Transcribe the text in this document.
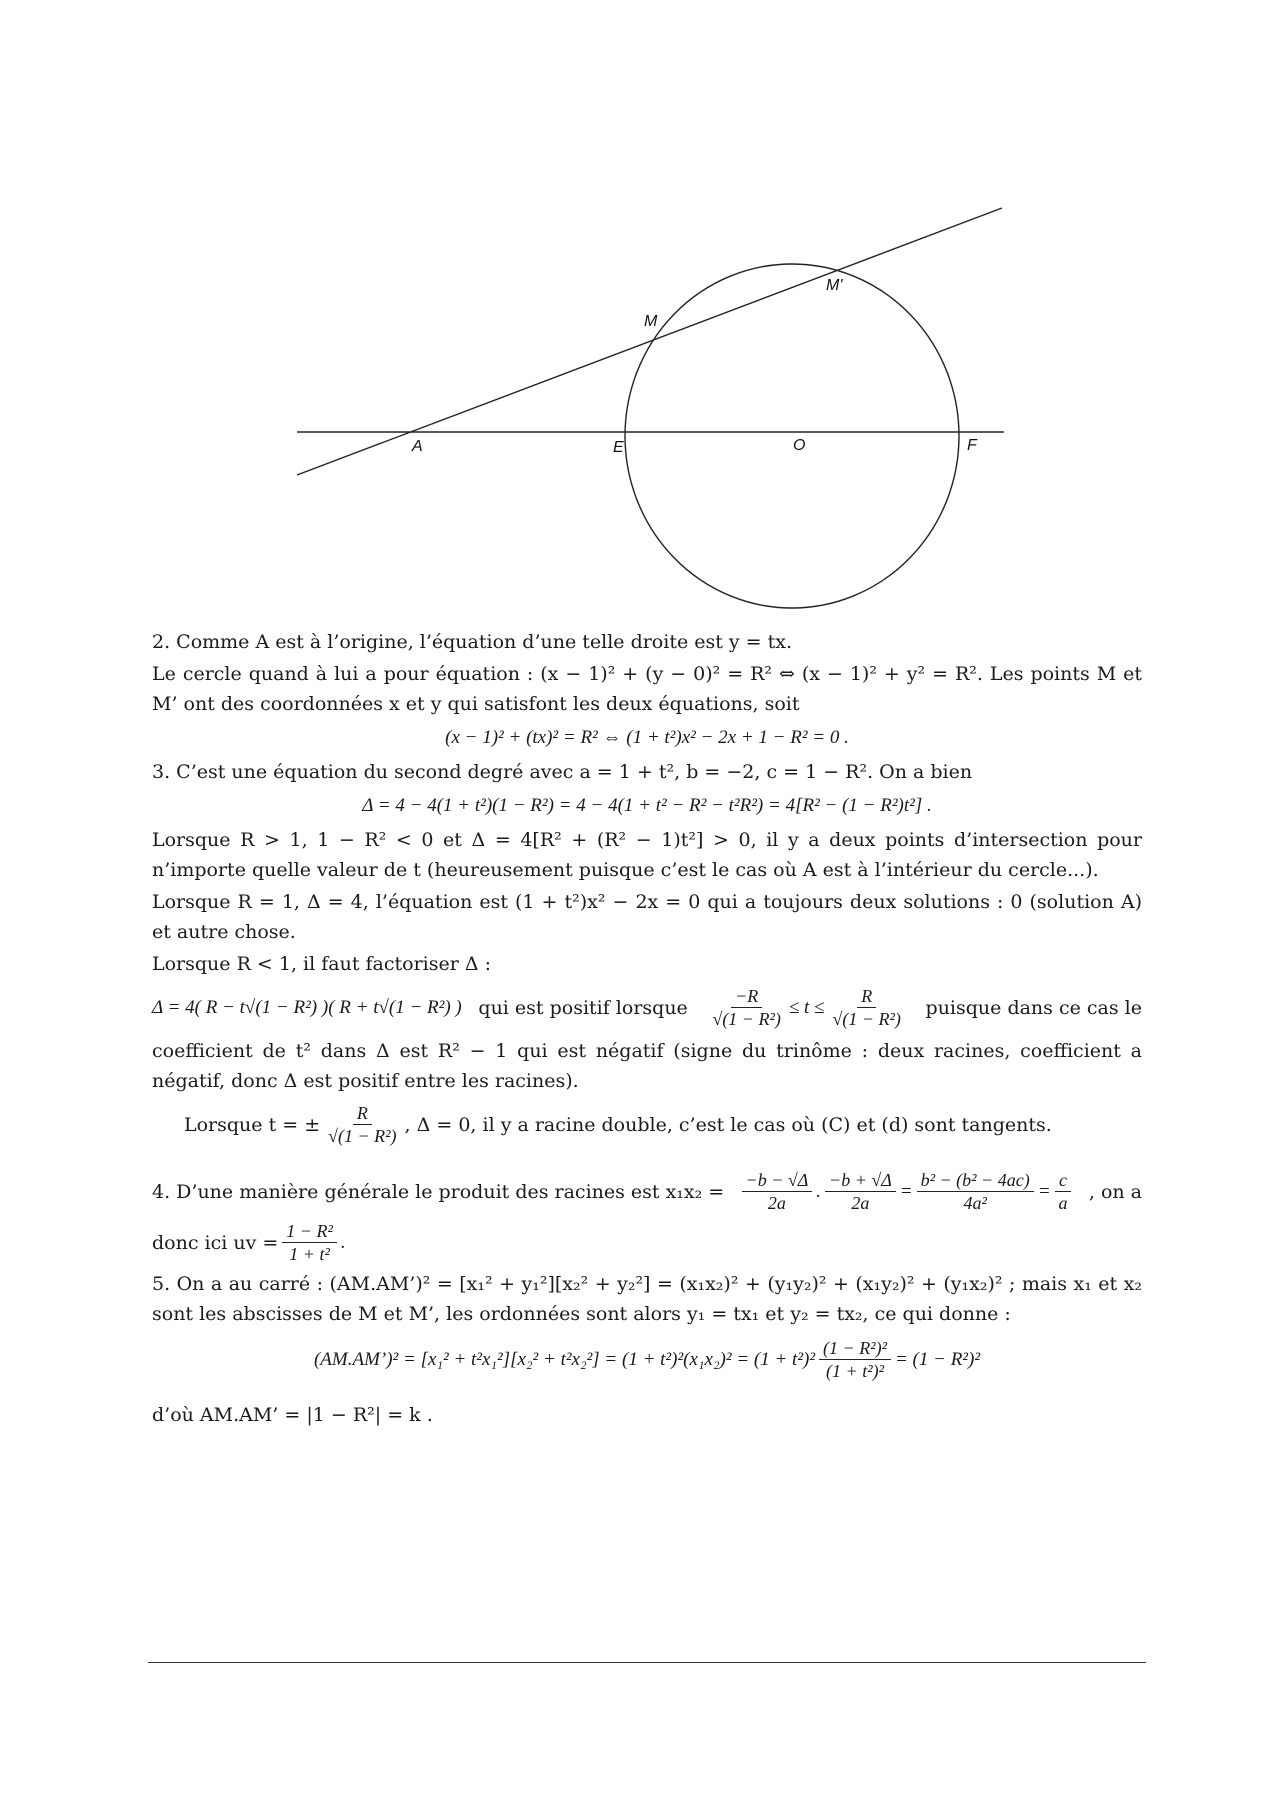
A	E	O	F
M
M'

2. Comme A est à l’origine, l’équation d’une telle droite est y = tx.

Le cercle quand à lui a pour équation : (x − 1)² + (y − 0)² = R² ⇔ (x − 1)² + y² = R². Les points M et M’ ont des coordonnées x et y qui satisfont les deux équations, soit

(x − 1)² + (tx)² = R² ⇔ (1 + t²)x² − 2x + 1 − R² = 0 .

3. C’est une équation du second degré avec a = 1 + t², b = −2, c = 1 − R². On a bien

Δ = 4 − 4(1 + t²)(1 − R²) = 4 − 4(1 + t² − R² − t²R²) = 4[R² − (1 − R²)t²] .

Lorsque R > 1, 1 − R² < 0 et Δ = 4[R² + (R² − 1)t²] > 0, il y a deux points d’intersection pour n’importe quelle valeur de t (heureusement puisque c’est le cas où A est à l’intérieur du cercle...).

Lorsque R = 1, Δ = 4, l’équation est (1 + t²)x² − 2x = 0 qui a toujours deux solutions : 0 (solution A) et autre chose.

Lorsque R < 1, il faut factoriser Δ :

Δ = 4( R − t√(1 − R²) )( R + t√(1 − R²) ) qui est positif lorsque $\frac{-R}{\text{√(1 − R²)}} \le t \le \frac{R}{\text{√(1 − R²)}}$ puisque dans ce cas le

coefficient de t² dans Δ est R² − 1 qui est négatif (signe du trinôme : deux racines, coefficient a négatif, donc Δ est positif entre les racines).

Lorsque t = ± $\frac{R}{\text{√(1 − R²)}}$ , Δ = 0, il y a racine double, c’est le cas où (C) et (d) sont tangents.
4. D’une manière générale le produit des racines est $x_1x_2 = \frac{-b - √\Delta}{2a}$ . $\frac{-b + √\Delta}{2a} = \frac{\text{b² − (b² − 4ac)}}{\text{4a²}} = \frac{c}{a}$ , on a
donc ici uv = $\frac{\text{1 − R²}}{\text{1 + t²}}$ .

5. On a au carré : (AM.AM’)² = [x₁² + y₁²][x₂² + y₂²] = (x₁x₂)² + (y₁y₂)² + (x₁y₂)² + (y₁x₂)² ; mais x₁ et x₂ sont les abscisses de M et M’, les ordonnées sont alors y₁ = tx₁ et y₂ = tx₂, ce qui donne :

(AM.AM’)² = $[x_1^2 + t^2x_1^2][x_2^2 + t^2x_2^2] = (1 + t^2)^2(x_1x_2)^2 = (1 + t^2)^2 \frac{\text{(1 − R²)²}}{\text{(1 + t²)²}} = (1 - R^2)^2$

d’où AM.AM’ = |1 − R²| = k .
